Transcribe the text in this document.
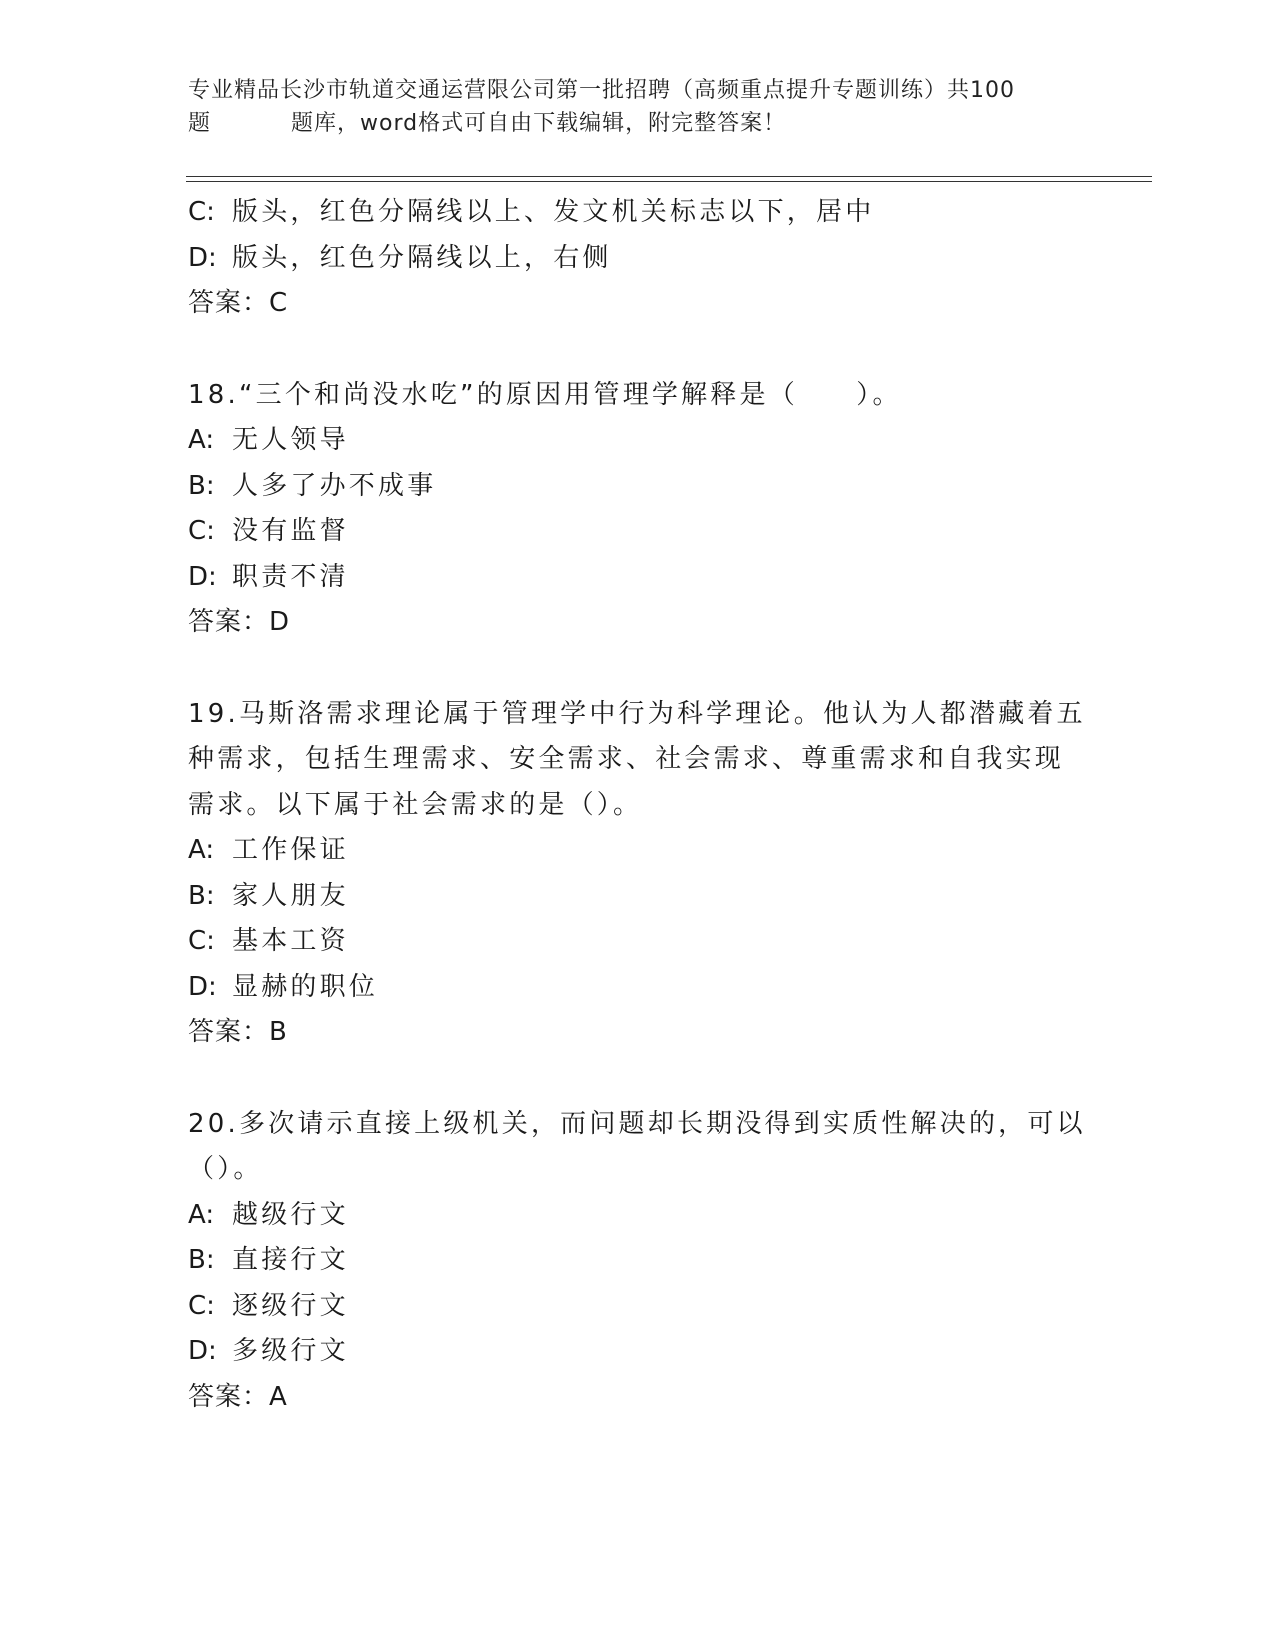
专业精品长沙市轨道交通运营限公司第一批招聘（高频重点提升专题训练）共100
题	题库，word格式可自由下载编辑，附完整答案！
C: 版头，红色分隔线以上、发文机关标志以下，居中
D: 版头，红色分隔线以上，右侧
答案：C
18.“三个和尚没水吃”的原因用管理学解释是（　　）。
A: 无人领导
B: 人多了办不成事
C: 没有监督
D: 职责不清
答案：D
19.马斯洛需求理论属于管理学中行为科学理论。他认为人都潜藏着五
种需求，包括生理需求、安全需求、社会需求、尊重需求和自我实现
需求。以下属于社会需求的是（）。
A: 工作保证
B: 家人朋友
C: 基本工资
D: 显赫的职位
答案：B
20.多次请示直接上级机关，而问题却长期没得到实质性解决的，可以
（）。
A: 越级行文
B: 直接行文
C: 逐级行文
D: 多级行文
答案：A
